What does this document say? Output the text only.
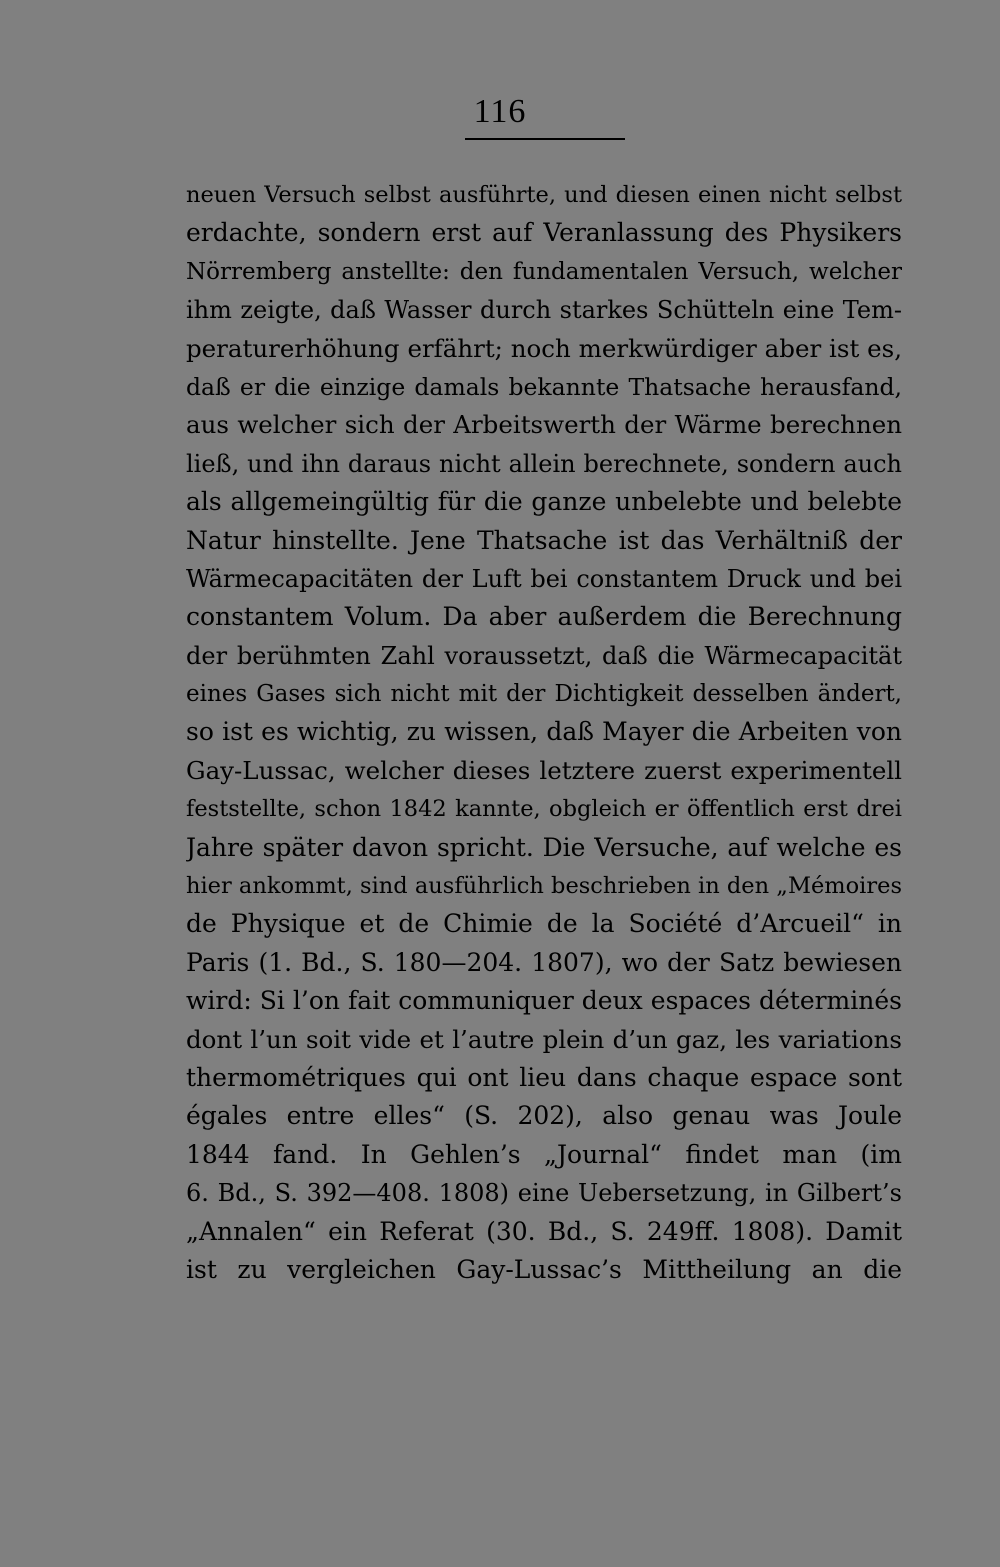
116
neuen Versuch selbst ausführte, und diesen einen nicht selbst
erdachte, sondern erst auf Veranlassung des Physikers
Nörremberg anstellte: den fundamentalen Versuch, welcher
ihm zeigte, daß Wasser durch starkes Schütteln eine Tem-
peraturerhöhung erfährt; noch merkwürdiger aber ist es,
daß er die einzige damals bekannte Thatsache herausfand,
aus welcher sich der Arbeitswerth der Wärme berechnen
ließ, und ihn daraus nicht allein berechnete, sondern auch
als allgemeingültig für die ganze unbelebte und belebte
Natur hinstellte. Jene Thatsache ist das Verhältniß der
Wärmecapacitäten der Luft bei constantem Druck und bei
constantem Volum. Da aber außerdem die Berechnung
der berühmten Zahl voraussetzt, daß die Wärmecapacität
eines Gases sich nicht mit der Dichtigkeit desselben ändert,
so ist es wichtig, zu wissen, daß Mayer die Arbeiten von
Gay-Lussac, welcher dieses letztere zuerst experimentell
feststellte, schon 1842 kannte, obgleich er öffentlich erst drei
Jahre später davon spricht. Die Versuche, auf welche es
hier ankommt, sind ausführlich beschrieben in den „Mémoires
de Physique et de Chimie de la Société d’Arcueil“ in
Paris (1. Bd., S. 180—204. 1807), wo der Satz bewiesen
wird: Si l’on fait communiquer deux espaces déterminés
dont l’un soit vide et l’autre plein d’un gaz, les variations
thermométriques qui ont lieu dans chaque espace sont
égales entre elles“ (S. 202), also genau was Joule
1844 fand. In Gehlen’s „Journal“ findet man (im
6. Bd., S. 392—408. 1808) eine Uebersetzung, in Gilbert’s
„Annalen“ ein Referat (30. Bd., S. 249ff. 1808). Damit
ist zu vergleichen Gay-Lussac’s Mittheilung an die
